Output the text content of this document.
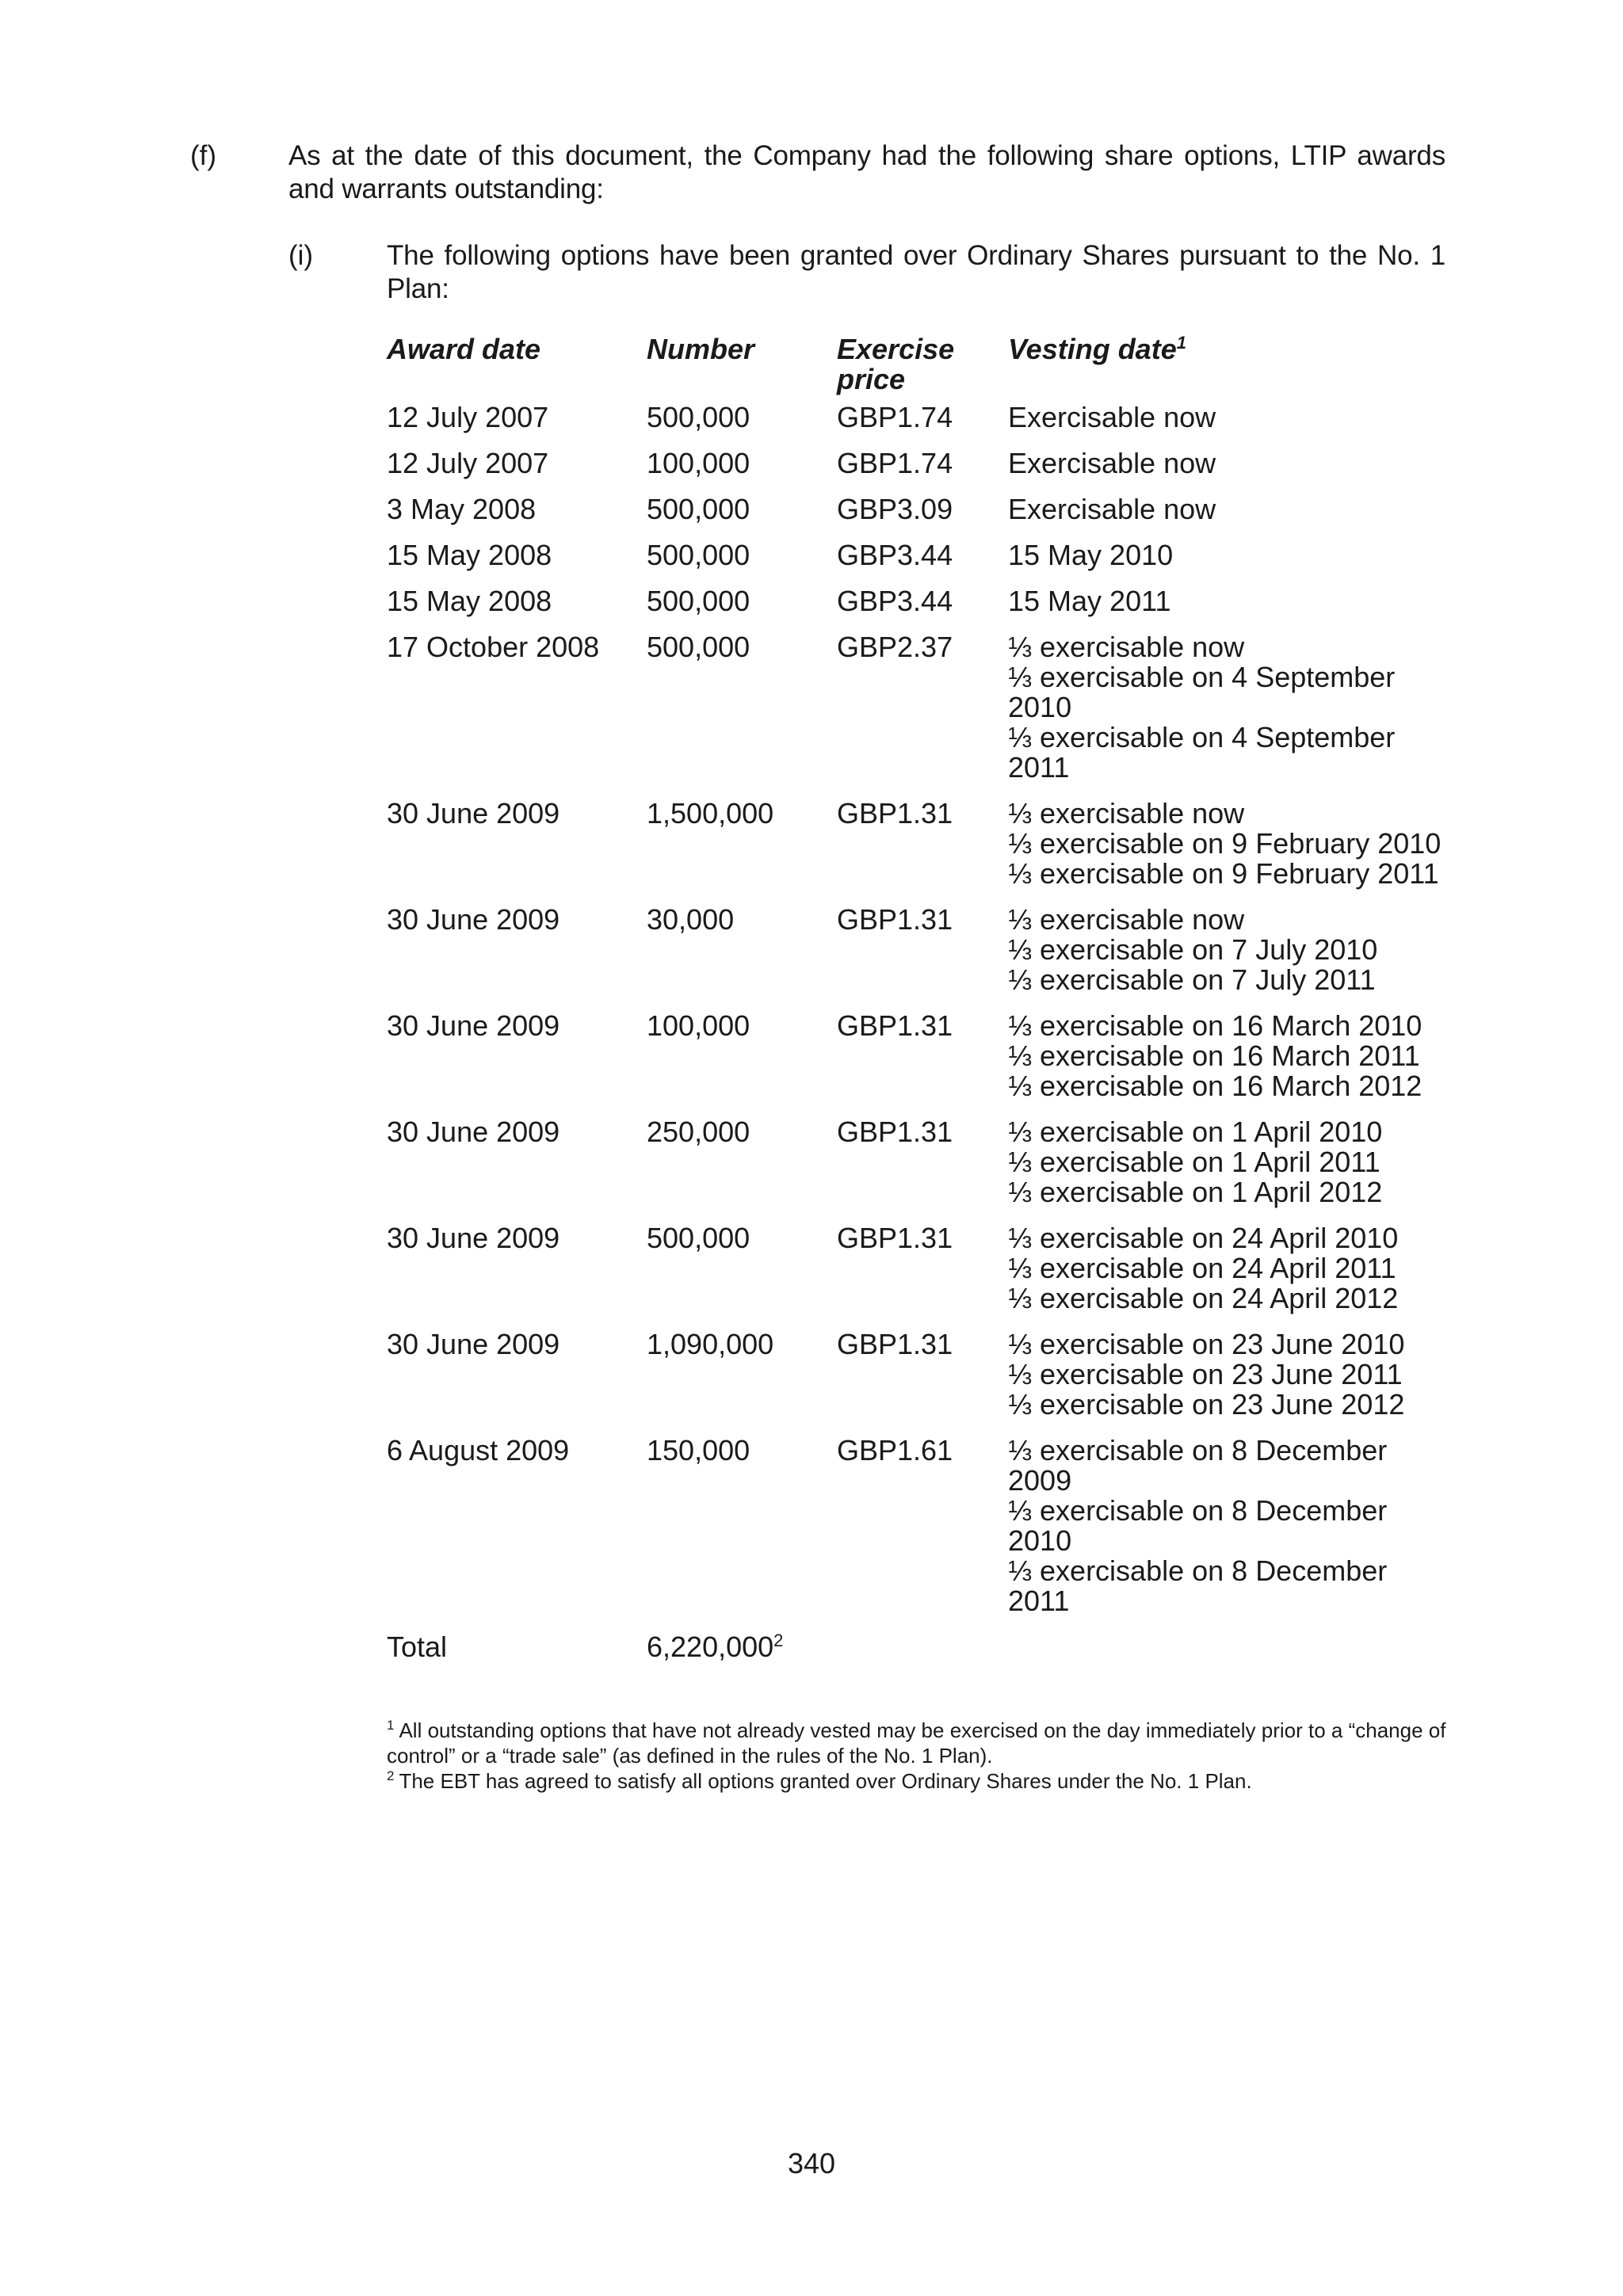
(f)	As at the date of this document, the Company had the following share options, LTIP awards and warrants outstanding:
(i)	The following options have been granted over Ordinary Shares pursuant to the No. 1 Plan:
Award date	Number	Exercise price	Vesting date$^1$
12 July 2007	500,000	GBP1.74	Exercisable now

12 July 2007	100,000	GBP1.74	Exercisable now

3 May 2008	500,000	GBP3.09	Exercisable now

15 May 2008	500,000	GBP3.44	15 May 2010

15 May 2008	500,000	GBP3.44	15 May 2011

17 October 2008	500,000	GBP2.37	⅓ exercisable now
⅓ exercisable on 4 September 2010
⅓ exercisable on 4 September 2011

30 June 2009	1,500,000	GBP1.31	⅓ exercisable now
⅓ exercisable on 9 February 2010
⅓ exercisable on 9 February 2011

30 June 2009	30,000	GBP1.31	⅓ exercisable now
⅓ exercisable on 7 July 2010
⅓ exercisable on 7 July 2011

30 June 2009	100,000	GBP1.31	⅓ exercisable on 16 March 2010
⅓ exercisable on 16 March 2011
⅓ exercisable on 16 March 2012

30 June 2009	250,000	GBP1.31	⅓ exercisable on 1 April 2010
⅓ exercisable on 1 April 2011
⅓ exercisable on 1 April 2012

30 June 2009	500,000	GBP1.31	⅓ exercisable on 24 April 2010
⅓ exercisable on 24 April 2011
⅓ exercisable on 24 April 2012

30 June 2009	1,090,000	GBP1.31	⅓ exercisable on 23 June 2010
⅓ exercisable on 23 June 2011
⅓ exercisable on 23 June 2012

6 August 2009	150,000	GBP1.61	⅓ exercisable on 8 December 2009
⅓ exercisable on 8 December 2010
⅓ exercisable on 8 December 2011

Total	6,220,000$^2$		

$^1$ All outstanding options that have not already vested may be exercised on the day immediately prior to a “change of control” or a “trade sale” (as defined in the rules of the No. 1 Plan).

$^2$ The EBT has agreed to satisfy all options granted over Ordinary Shares under the No. 1 Plan.

340
